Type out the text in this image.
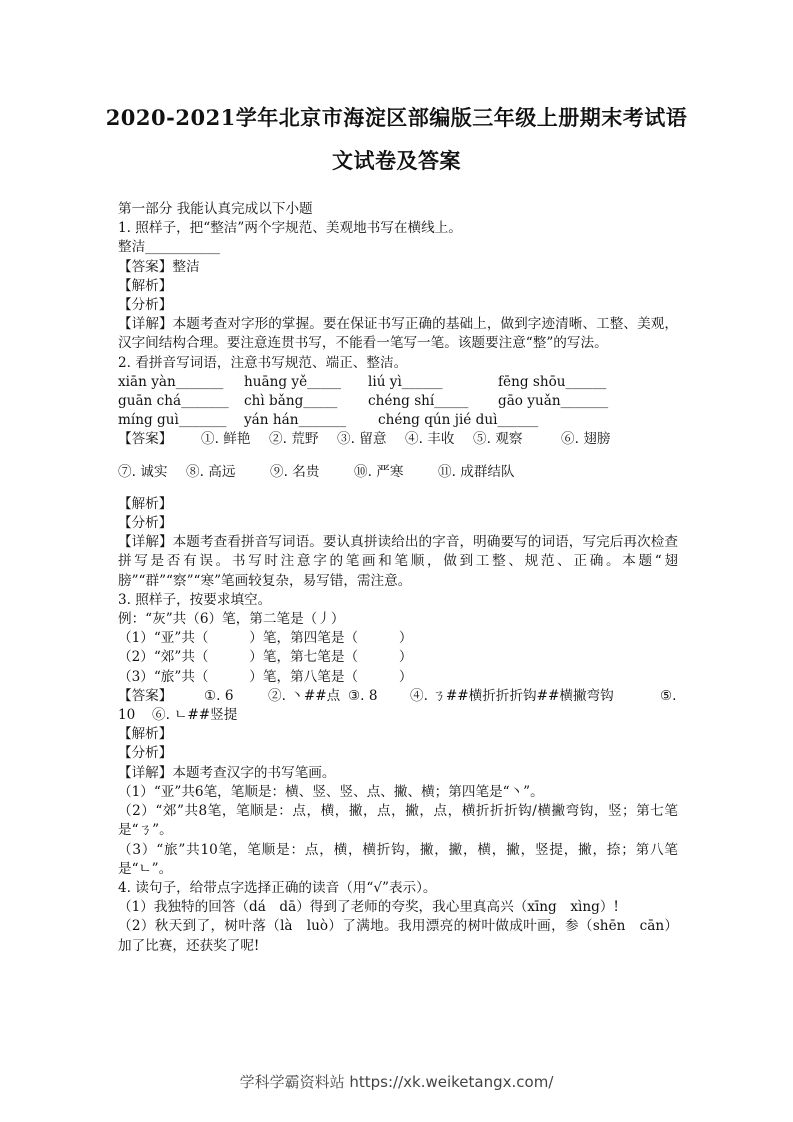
2020-2021学年北京市海淀区部编版三年级上册期末考试语
文试卷及答案
第一部分 我能认真完成以下小题
1. 照样子，把“整洁”两个字规范、美观地书写在横线上。
整洁___________
【答案】整洁
【解析】
【分析】
【详解】本题考查对字形的掌握。要在保证书写正确的基础上，做到字迹清晰、工整、美观，汉字间结构合理。要注意连贯书写，不能看一笔写一笔。该题要注意“整”的写法。
2. 看拼音写词语，注意书写规范、端正、整洁。
xiān yàn_______	huāng yě_____	liú yì______	fēng shōu______
guān chá_______	chì bǎng_____	chéng shí_____	gāo yuǎn_______
míng guì_______	yán hán_______	chéng qún jié duì______
【答案】	①. 鲜艳	②. 荒野	③. 留意	④. 丰收	⑤. 观察	⑥. 翅膀
⑦. 诚实	⑧. 高远	⑨. 名贵	⑩. 严寒	⑪. 成群结队
【解析】
【分析】
【详解】本题考查看拼音写词语。要认真拼读给出的字音，明确要写的词语，写完后再次检查拼写是否有误。书写时注意字的笔画和笔顺，做到工整、规范、正确。本题“翅膀”“群”“察”“寒”笔画较复杂，易写错，需注意。
3. 照样子，按要求填空。
例：“灰”共（6）笔，第二笔是（丿）
（1）“亚”共（　　　）笔，第四笔是（　　　）
（2）“郊”共（　　　）笔，第七笔是（　　　）
（3）“旅”共（　　　）笔，第八笔是（　　　）
【答案】	①. 6	②. 丶##点 ③. 8	④. ㄋ##横折折折钩##横撇弯钩	⑤.
10	⑥. ㄴ##竖提
【解析】
【分析】
【详解】本题考查汉字的书写笔画。
（1）“亚”共6笔，笔顺是：横、竖、竖、点、撇、横；第四笔是“丶”。
（2）“郊”共8笔，笔顺是：点，横，撇，点，撇，点，横折折折钩/横撇弯钩，竖；第七笔是“ㄋ”。
（3）“旅”共10笔，笔顺是：点，横，横折钩，撇，撇，横，撇，竖提，撇，捺；第八笔是“ㄴ”。
4. 读句子，给带点字选择正确的读音（用“√”表示）。
（1）我独特的回答（dá　dā）得到了老师的夸奖，我心里真高兴（xīng　xìng）!
（2）秋天到了，树叶落（là　luò）了满地。我用漂亮的树叶做成叶画，参（shēn　cān）加了比赛，还获奖了呢!
学科学霸资料站 https://xk.weiketangx.com/
